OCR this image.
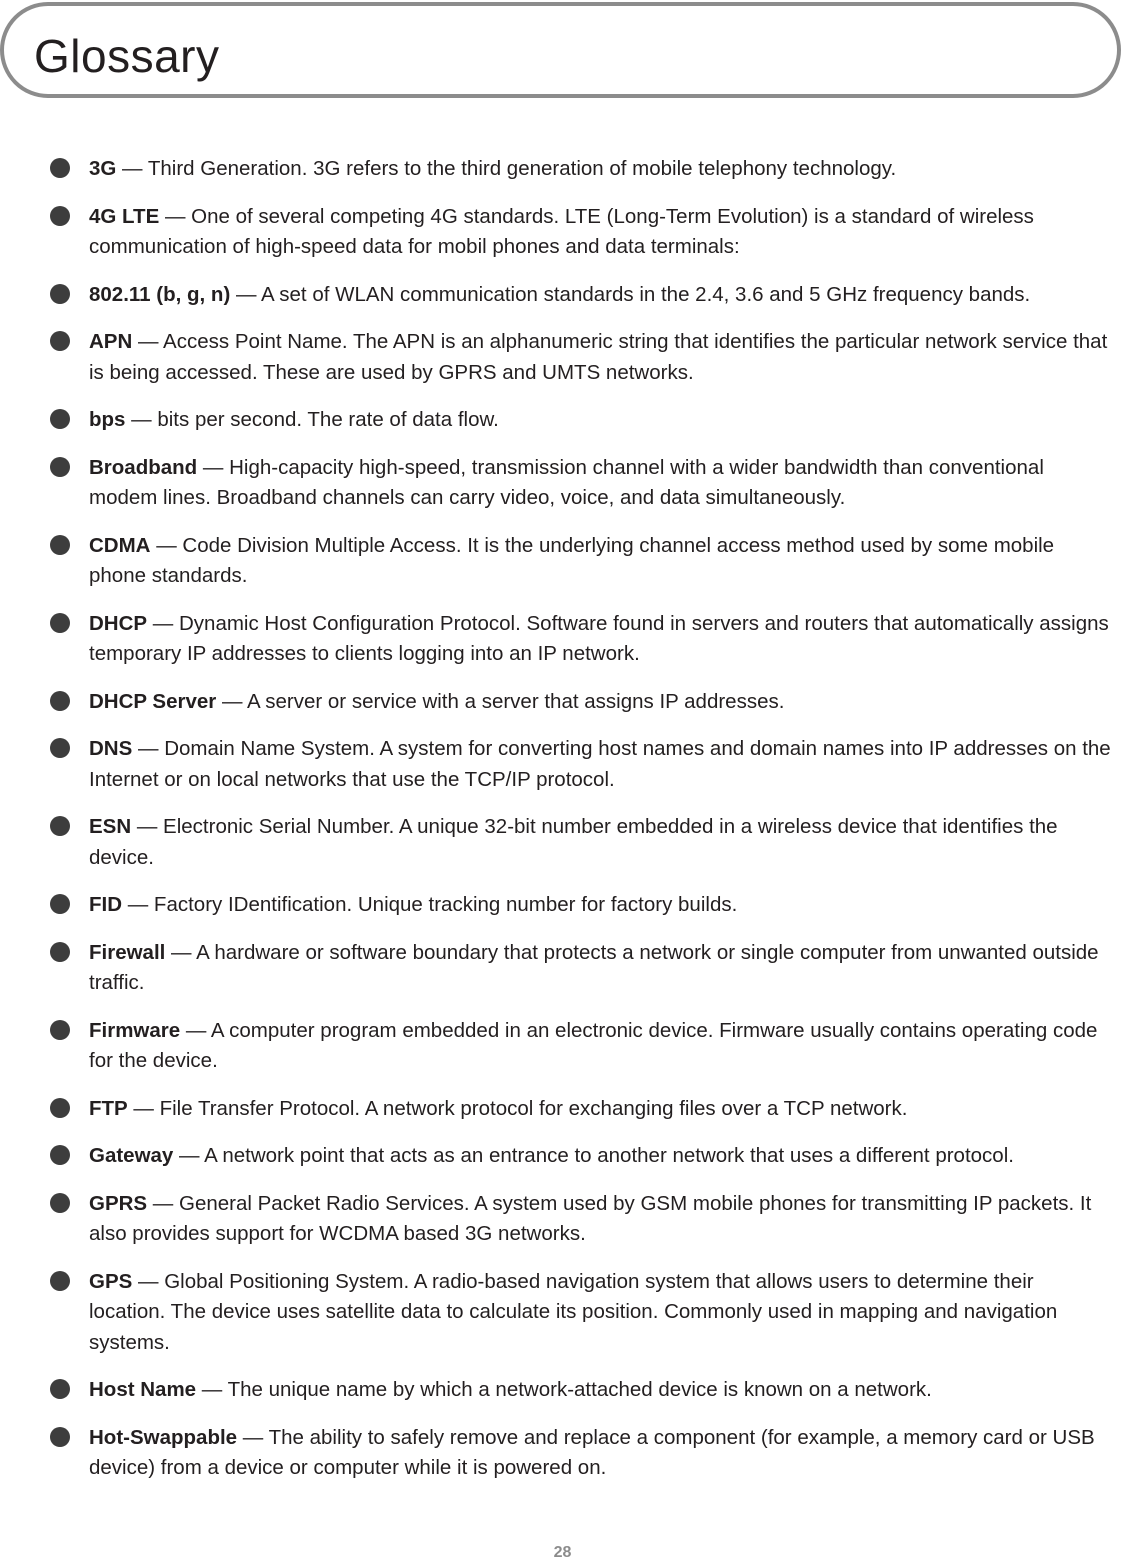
Glossary
3G — Third Generation. 3G refers to the third generation of mobile telephony technology.
4G LTE — One of several competing 4G standards. LTE (Long-Term Evolution) is a standard of wireless communication of high-speed data for mobil phones and data terminals:
802.11 (b, g, n) — A set of WLAN communication standards in the 2.4, 3.6 and 5 GHz frequency bands.
APN — Access Point Name. The APN is an alphanumeric string that identifies the particular network service that is being accessed. These are used by GPRS and UMTS networks.
bps — bits per second. The rate of data flow.
Broadband — High-capacity high-speed, transmission channel with a wider bandwidth than conventional modem lines. Broadband channels can carry video, voice, and data simultaneously.
CDMA — Code Division Multiple Access. It is the underlying channel access method used by some mobile phone standards.
DHCP — Dynamic Host Configuration Protocol. Software found in servers and routers that automatically assigns temporary IP addresses to clients logging into an IP network.
DHCP Server — A server or service with a server that assigns IP addresses.
DNS — Domain Name System. A system for converting host names and domain names into IP addresses on the Internet or on local networks that use the TCP/IP protocol.
ESN — Electronic Serial Number. A unique 32-bit number embedded in a wireless device that identifies the device.
FID — Factory IDentification. Unique tracking number for factory builds.
Firewall — A hardware or software boundary that protects a network or single computer from unwanted outside traffic.
Firmware — A computer program embedded in an electronic device. Firmware usually contains operating code for the device.
FTP — File Transfer Protocol. A network protocol for exchanging files over a TCP network.
Gateway — A network point that acts as an entrance to another network that uses a different protocol.
GPRS — General Packet Radio Services. A system used by GSM mobile phones for transmitting IP packets. It also provides support for WCDMA based 3G networks.
GPS — Global Positioning System. A radio-based navigation system that allows users to determine their location. The device uses satellite data to calculate its position. Commonly used in mapping and navigation systems.
Host Name — The unique name by which a network-attached device is known on a network.
Hot-Swappable — The ability to safely remove and replace a component (for example, a memory card or USB device) from a device or computer while it is powered on.
28
